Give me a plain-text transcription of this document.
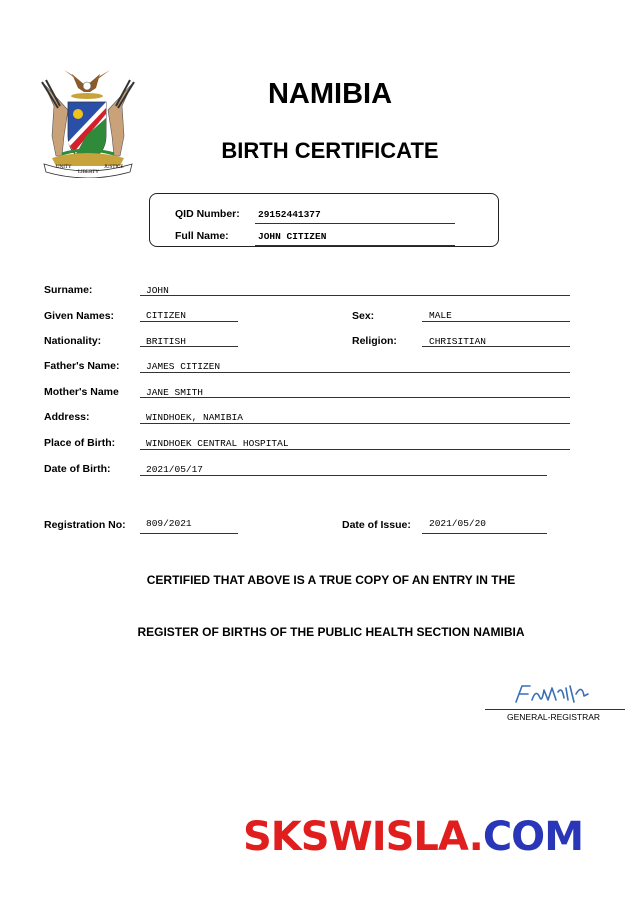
UNITY
LIBERTY
JUSTICE
NAMIBIA
BIRTH CERTIFICATE
QID Number: 29152441377
Full Name:	JOHN CITIZEN
Surname:	JOHN
Given Names:	CITIZEN	Sex:	MALE
Nationality:	BRITISH	Religion:	CHRISITIAN
Father's Name:	JAMES CITIZEN
Mother's Name	JANE SMITH
Address:	WINDHOEK, NAMIBIA
Place of Birth:	WINDHOEK CENTRAL HOSPITAL
Date of Birth:	2021/05/17
Registration No: 809/2021	Date of Issue: 2021/05/20
CERTIFIED THAT ABOVE IS A TRUE COPY OF AN ENTRY IN THE
REGISTER OF BIRTHS OF THE PUBLIC HEALTH SECTION NAMIBIA
GENERAL-REGISTRAR
SKSWISLA.COM
